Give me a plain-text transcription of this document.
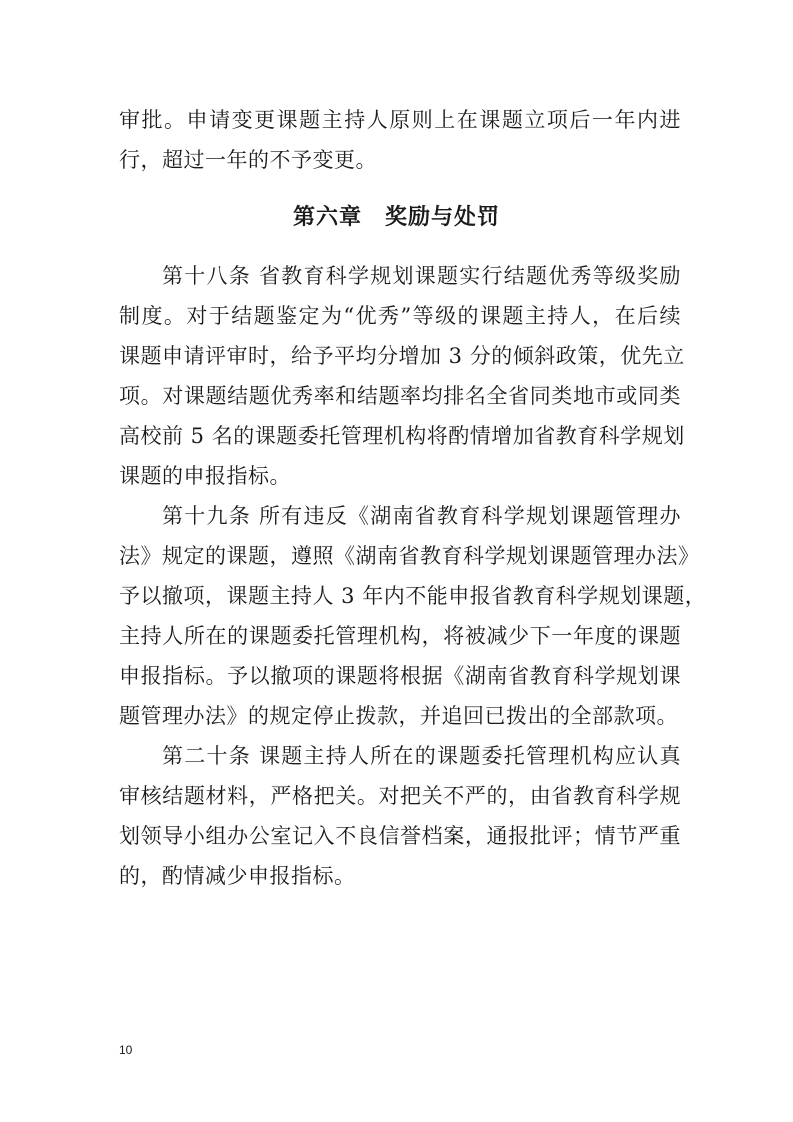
审批。申请变更课题主持人原则上在课题立项后一年内进
行，超过一年的不予变更。
第六章　奖励与处罚
第十八条 省教育科学规划课题实行结题优秀等级奖励
制度。对于结题鉴定为“优秀”等级的课题主持人，在后续
课题申请评审时，给予平均分增加 3 分的倾斜政策，优先立
项。对课题结题优秀率和结题率均排名全省同类地市或同类
高校前 5 名的课题委托管理机构将酌情增加省教育科学规划
课题的申报指标。
第十九条 所有违反《湖南省教育科学规划课题管理办
法》规定的课题，遵照《湖南省教育科学规划课题管理办法》
予以撤项，课题主持人 3 年内不能申报省教育科学规划课题，
主持人所在的课题委托管理机构，将被减少下一年度的课题
申报指标。予以撤项的课题将根据《湖南省教育科学规划课
题管理办法》的规定停止拨款，并追回已拨出的全部款项。
第二十条 课题主持人所在的课题委托管理机构应认真
审核结题材料，严格把关。对把关不严的，由省教育科学规
划领导小组办公室记入不良信誉档案，通报批评；情节严重
的，酌情减少申报指标。
10
